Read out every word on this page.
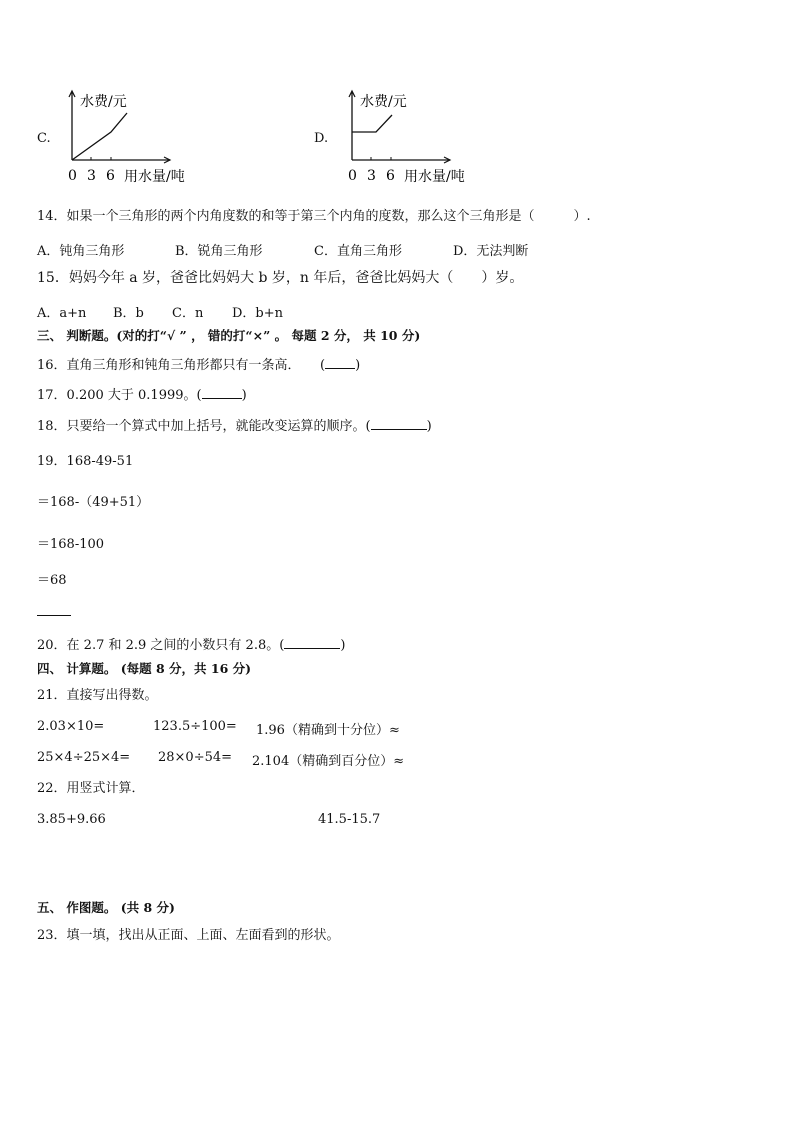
C.
水费/元
0 3 6 用水量/吨
D.
水费/元
0 3 6 用水量/吨
14．如果一个三角形的两个内角度数的和等于第三个内角的度数，那么这个三角形是（　　　）.
A．钝角三角形	B．锐角三角形	C．直角三角形	D．无法判断
15．妈妈今年 a 岁，爸爸比妈妈大 b 岁，n 年后，爸爸比妈妈大（　　）岁。
A．a+n B．b C．n D．b+n
三、 判断题。(对的打“√ ” ， 错的打“×” 。 每题 2 分， 共 10 分)
16．直角三角形和钝角三角形都只有一条高．　　( )
17．0.200 大于 0.1999。(	)
18．只要给一个算式中加上括号，就能改变运算的顺序。(	)
19．168-49-51
＝168-（49+51）
＝168-100
＝68
20．在 2.7 和 2.9 之间的小数只有 2.8。(	)
四、 计算题。 (每题 8 分，共 16 分)
21．直接写出得数。
2.03×10=	123.5÷100= 1.96（精确到十分位）≈
25×4÷25×4= 28×0÷54= 2.104（精确到百分位）≈
22．用竖式计算．
3.85+9.66	41.5-15.7
五、 作图题。 (共 8 分)
23．填一填，找出从正面、上面、左面看到的形状。
